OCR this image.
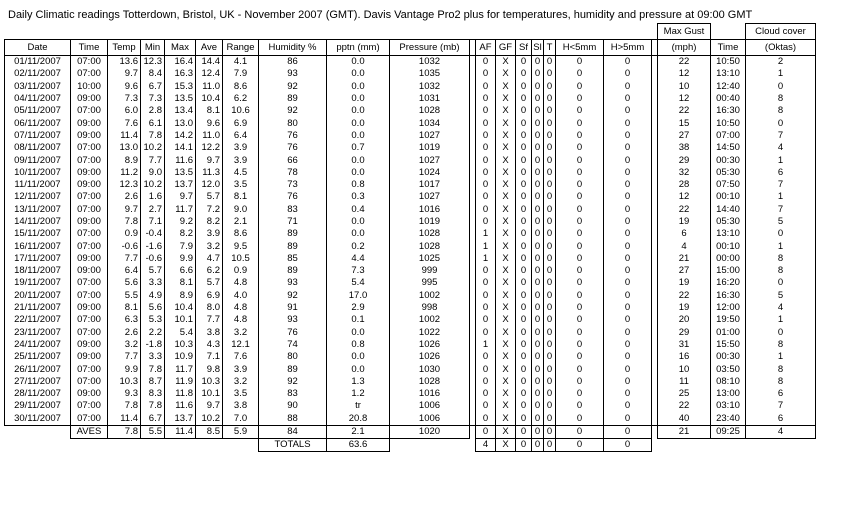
Daily Climatic readings Totterdown, Bristol, UK - November 2007 (GMT). Davis Vantage Pro2 plus for temperatures, humidity and pressure at 09:00 GMT
																			Max Gust		Cloud cover
Date	Time	Temp	Min	Max	Ave	Range	Humidity %	pptn (mm)	Pressure (mb)		AF	GF	Sf	Sl	T	H<5mm	H>5mm		(mph)	Time	(Oktas)
01/11/2007	07:00	13.6	12.3	16.4	14.4	4.1	86	0.0	1032		0	X	0	0	0	0	0		22	10:50	2
02/11/2007	07:00	9.7	8.4	16.3	12.4	7.9	93	0.0	1035		0	X	0	0	0	0	0		12	13:10	1
03/11/2007	10:00	9.6	6.7	15.3	11.0	8.6	92	0.0	1032		0	X	0	0	0	0	0		10	12:40	0
04/11/2007	09:00	7.3	7.3	13.5	10.4	6.2	89	0.0	1031		0	X	0	0	0	0	0		12	00:40	8
05/11/2007	07:00	6.0	2.8	13.4	8.1	10.6	92	0.0	1028		0	X	0	0	0	0	0		22	16:30	8
06/11/2007	09:00	7.6	6.1	13.0	9.6	6.9	80	0.0	1034		0	X	0	0	0	0	0		15	10:50	0
07/11/2007	09:00	11.4	7.8	14.2	11.0	6.4	76	0.0	1027		0	X	0	0	0	0	0		27	07:00	7
08/11/2007	07:00	13.0	10.2	14.1	12.2	3.9	76	0.7	1019		0	X	0	0	0	0	0		38	14:50	4
09/11/2007	07:00	8.9	7.7	11.6	9.7	3.9	66	0.0	1027		0	X	0	0	0	0	0		29	00:30	1
10/11/2007	09:00	11.2	9.0	13.5	11.3	4.5	78	0.0	1024		0	X	0	0	0	0	0		32	05:30	6
11/11/2007	09:00	12.3	10.2	13.7	12.0	3.5	73	0.8	1017		0	X	0	0	0	0	0		28	07:50	7
12/11/2007	07:00	2.6	1.6	9.7	5.7	8.1	76	0.3	1027		0	X	0	0	0	0	0		12	00:10	1
13/11/2007	07:00	9.7	2.7	11.7	7.2	9.0	83	0.4	1016		0	X	0	0	0	0	0		22	14:40	7
14/11/2007	09:00	7.8	7.1	9.2	8.2	2.1	71	0.0	1019		0	X	0	0	0	0	0		19	05:30	5
15/11/2007	07:00	0.9	-0.4	8.2	3.9	8.6	89	0.0	1028		1	X	0	0	0	0	0		6	13:10	0
16/11/2007	07:00	-0.6	-1.6	7.9	3.2	9.5	89	0.2	1028		1	X	0	0	0	0	0		4	00:10	1
17/11/2007	09:00	7.7	-0.6	9.9	4.7	10.5	85	4.4	1025		1	X	0	0	0	0	0		21	00:00	8
18/11/2007	09:00	6.4	5.7	6.6	6.2	0.9	89	7.3	999		0	X	0	0	0	0	0		27	15:00	8
19/11/2007	07:00	5.6	3.3	8.1	5.7	4.8	93	5.4	995		0	X	0	0	0	0	0		19	16:20	0
20/11/2007	07:00	5.5	4.9	8.9	6.9	4.0	92	17.0	1002		0	X	0	0	0	0	0		22	16:30	5
21/11/2007	09:00	8.1	5.6	10.4	8.0	4.8	91	2.9	998		0	X	0	0	0	0	0		19	12:00	4
22/11/2007	07:00	6.3	5.3	10.1	7.7	4.8	93	0.1	1002		0	X	0	0	0	0	0		20	19:50	1
23/11/2007	07:00	2.6	2.2	5.4	3.8	3.2	76	0.0	1022		0	X	0	0	0	0	0		29	01:00	0
24/11/2007	09:00	3.2	-1.8	10.3	4.3	12.1	74	0.8	1026		1	X	0	0	0	0	0		31	15:50	8
25/11/2007	09:00	7.7	3.3	10.9	7.1	7.6	80	0.0	1026		0	X	0	0	0	0	0		16	00:30	1
26/11/2007	07:00	9.9	7.8	11.7	9.8	3.9	89	0.0	1030		0	X	0	0	0	0	0		10	03:50	8
27/11/2007	07:00	10.3	8.7	11.9	10.3	3.2	92	1.3	1028		0	X	0	0	0	0	0		11	08:10	8
28/11/2007	09:00	9.3	8.3	11.8	10.1	3.5	83	1.2	1016		0	X	0	0	0	0	0		25	13:00	6
29/11/2007	07:00	7.8	7.8	11.6	9.7	3.8	90	tr	1006		0	X	0	0	0	0	0		22	03:10	7
30/11/2007	07:00	11.4	6.7	13.7	10.2	7.0	88	20.8	1006		0	X	0	0	0	0	0		40	23:40	6
	AVES	7.8	5.5	11.4	8.5	5.9	84	2.1	1020		0	X	0	0	0	0	0		21	09:25	4
							TOTALS	63.6			4	X	0	0	0	0	0				
